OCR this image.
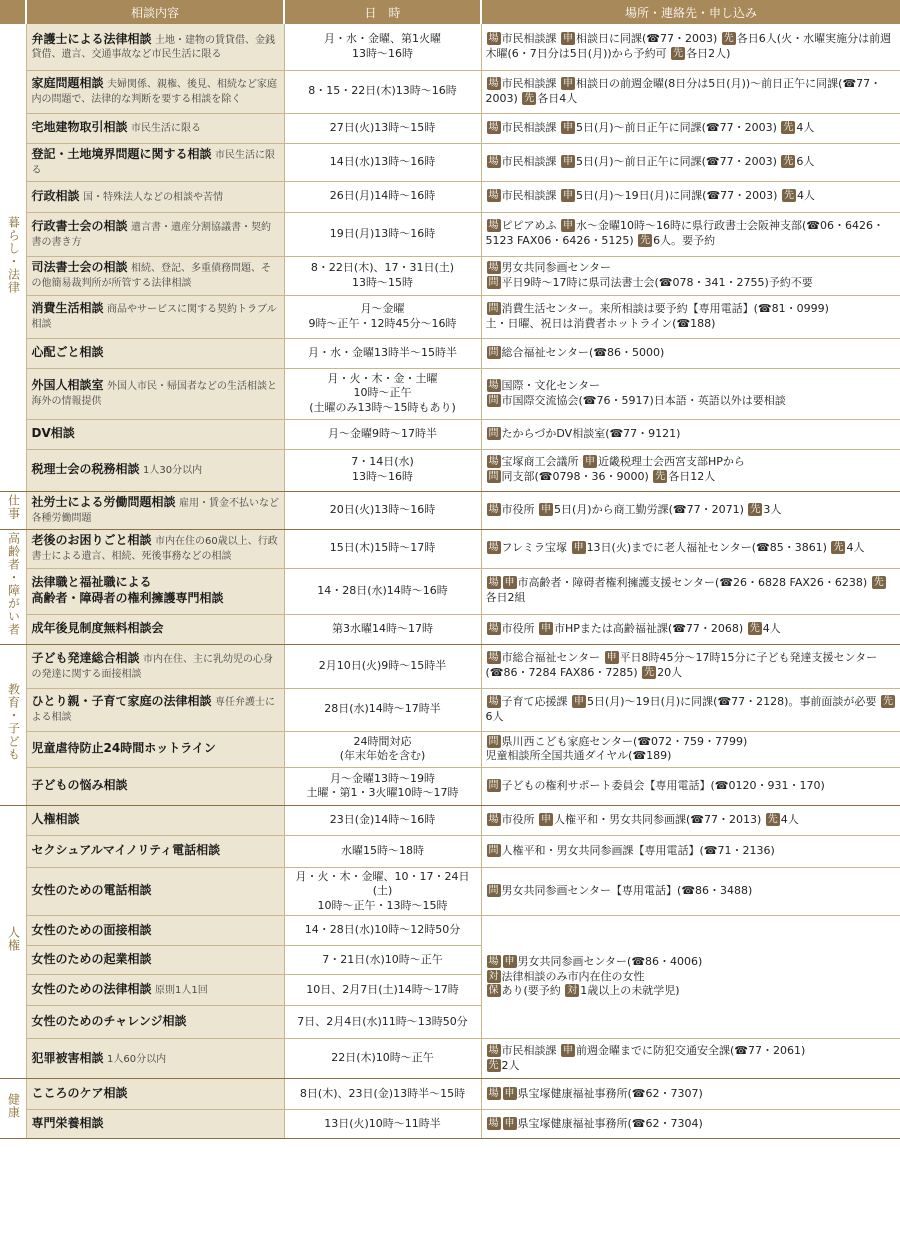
	相談内容	日　時	場所・連絡先・申し込み
暮らし・法律	弁護士による法律相談 土地・建物の賃貸借、金銭貸借、遺言、交通事故など市民生活に限る	月・水・金曜、第1火曜
13時〜16時	場 市民相談課 申 相談日に同課(☎77・2003) 先 各日6人(火・水曜実施分は前週木曜(6・7日分は5日(月))から予約可 先 各日2人)
	家庭問題相談 夫婦関係、親権、後見、相続など家庭内の問題で、法律的な判断を要する相談を除く	8・15・22日(木)13時〜16時	場 市民相談課 申 相談日の前週金曜(8日分は5日(月))〜前日正午に同課(☎77・2003) 先 各日4人
	宅地建物取引相談 市民生活に限る	27日(火)13時〜15時	場 市民相談課 申 5日(月)〜前日正午に同課(☎77・2003) 先 4人
	登記・土地境界問題に関する相談 市民生活に限る	14日(水)13時〜16時	場 市民相談課 申 5日(月)〜前日正午に同課(☎77・2003) 先 6人
	行政相談 国・特殊法人などの相談や苦情	26日(月)14時〜16時	場 市民相談課 申 5日(月)〜19日(月)に同課(☎77・2003) 先 4人
	行政書士会の相談 遺言書・遺産分割協議書・契約書の書き方	19日(月)13時〜16時	場 ピピアめふ 申 水〜金曜10時〜16時に県行政書士会阪神支部(☎06・6426・5123 FAX06・6426・5125) 先 6人。要予約
	司法書士会の相談 相続、登記、多重債務問題、その他簡易裁判所が所管する法律相談	8・22日(木)、17・31日(土)
13時〜15時	場 男女共同参画センター
問 平日9時〜17時に県司法書士会(☎078・341・2755)予約不要
	消費生活相談 商品やサービスに関する契約トラブル相談	月〜金曜
9時〜正午・12時45分〜16時	問 消費生活センター。来所相談は要予約【専用電話】(☎81・0999)
土・日曜、祝日は消費者ホットライン(☎188)
	心配ごと相談	月・水・金曜13時半〜15時半	問 総合福祉センター(☎86・5000)
	外国人相談室 外国人市民・帰国者などの生活相談と海外の情報提供	月・火・木・金・土曜
10時〜正午
(土曜のみ13時〜15時もあり)	場 国際・文化センター
問 市国際交流協会(☎76・5917)日本語・英語以外は要相談
	DV相談	月〜金曜9時〜17時半	問 たからづかDV相談室(☎77・9121)
	税理士会の税務相談 1人30分以内	7・14日(水)
13時〜16時	場 宝塚商工会議所 申 近畿税理士会西宮支部HPから
問 同支部(☎0798・36・9000) 先 各日12人
仕事	社労士による労働問題相談 雇用・賃金不払いなど各種労働問題	20日(火)13時〜16時	場 市役所 申 5日(月)から商工勤労課(☎77・2071) 先 3人
高齢者・障がい者	老後のお困りごと相談 市内在住の60歳以上、行政書士による遺言、相続、死後事務などの相談	15日(木)15時〜17時	場 フレミラ宝塚 申 13日(火)までに老人福祉センター(☎85・3861) 先 4人
	法律職と福祉職による
高齢者・障碍者の権利擁護専門相談	14・28日(水)14時〜16時	場 申 市高齢者・障碍者権利擁護支援センター(☎26・6828 FAX26・6238) 先各日2組
	成年後見制度無料相談会	第3水曜14時〜17時	場 市役所 申 市HPまたは高齢福祉課(☎77・2068) 先 4人
教育・子ども	子ども発達総合相談 市内在住、主に乳幼児の心身の発達に関する面接相談	2月10日(火)9時〜15時半	場 市総合福祉センター 申 平日8時45分〜17時15分に子ども発達支援センター(☎86・7284 FAX86・7285) 先 20人
	ひとり親・子育て家庭の法律相談 専任弁護士による相談	28日(水)14時〜17時半	場 子育て応援課 申 5日(月)〜19日(月)に同課(☎77・2128)。事前面談が必要 先6人
	児童虐待防止24時間ホットライン	24時間対応
(年末年始を含む)	問 県川西こども家庭センター(☎072・759・7799)
児童相談所全国共通ダイヤル(☎189)
	子どもの悩み相談	月〜金曜13時〜19時
土曜・第1・3火曜10時〜17時	問 子どもの権利サポート委員会【専用電話】(☎0120・931・170)
人権	人権相談	23日(金)14時〜16時	場 市役所 申 人権平和・男女共同参画課(☎77・2013) 先 4人
	セクシュアルマイノリティ電話相談	水曜15時〜18時	問 人権平和・男女共同参画課【専用電話】(☎71・2136)
	女性のための電話相談	月・火・木・金曜、10・17・24日(土)
10時〜正午・13時〜15時	問 男女共同参画センター【専用電話】(☎86・3488)
	女性のための面接相談	14・28日(水)10時〜12時50分	場 申 男女共同参画センター(☎86・4006)
対 法律相談のみ市内在住の女性
保 あり(要予約 対 1歳以上の未就学児)
	女性のための起業相談	7・21日(水)10時〜正午	
	女性のための法律相談 原則1人1回	10日、2月7日(土)14時〜17時	
	女性のためのチャレンジ相談	7日、2月4日(水)11時〜13時50分	
	犯罪被害相談 1人60分以内	22日(木)10時〜正午	場 市民相談課 申 前週金曜までに防犯交通安全課(☎77・2061)
先 2人
健康	こころのケア相談	8日(木)、23日(金)13時半〜15時	場 申 県宝塚健康福祉事務所(☎62・7307)
	専門栄養相談	13日(火)10時〜11時半	場 申 県宝塚健康福祉事務所(☎62・7304)
